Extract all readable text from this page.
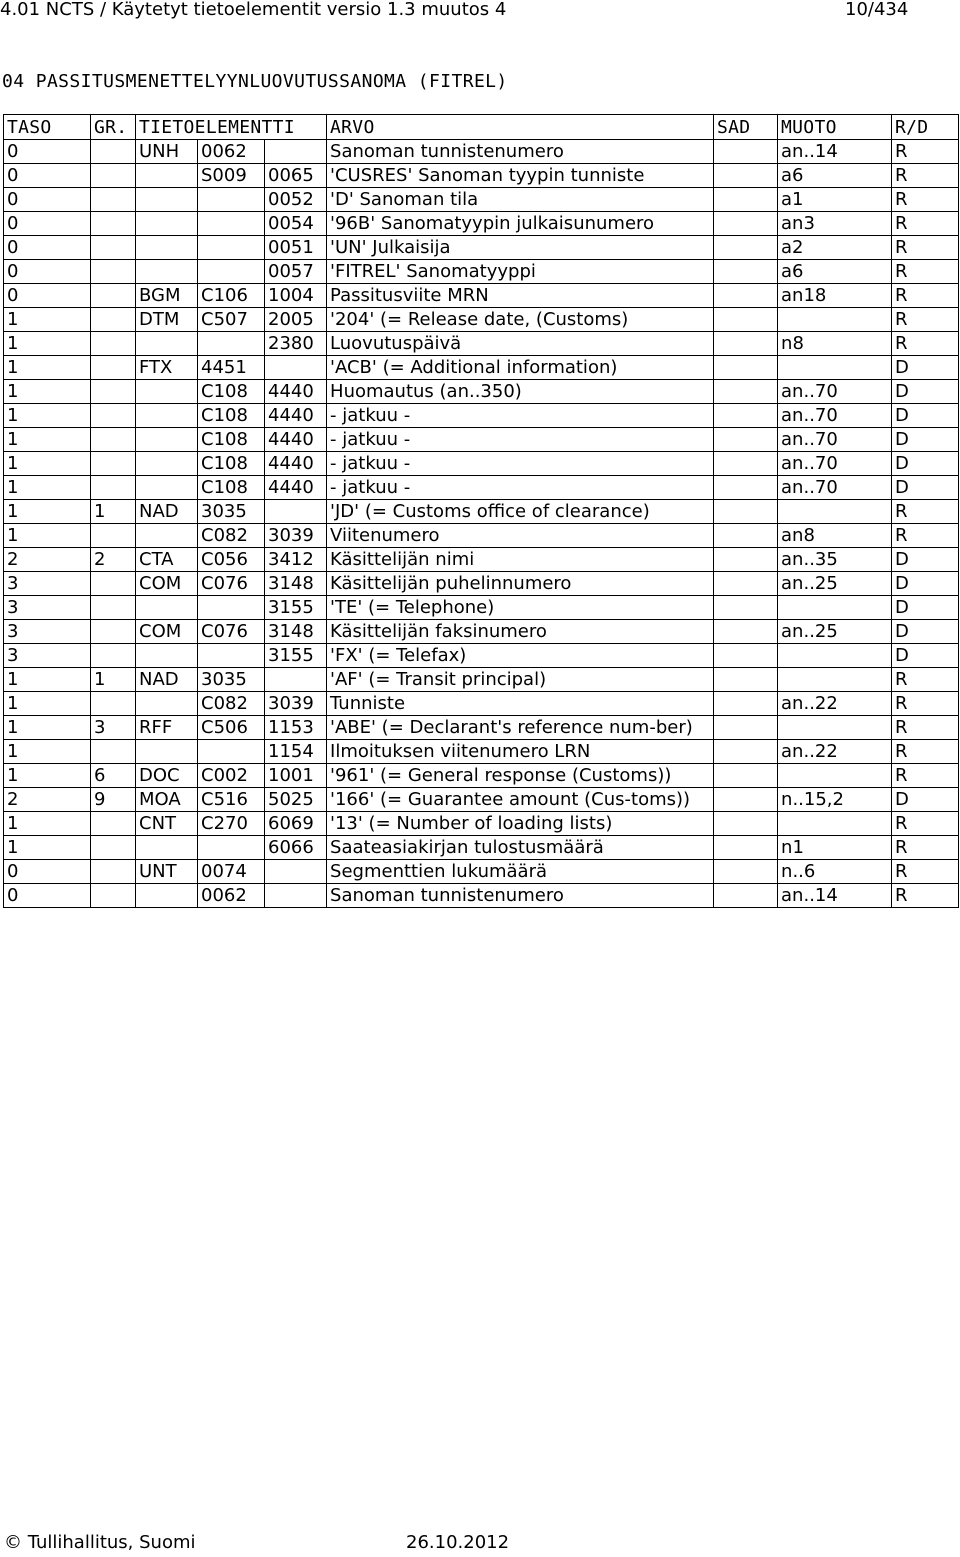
4.01 NCTS / Käytetyt tietoelementit versio 1.3 muutos 4	10/434
04 PASSITUSMENETTELYYNLUOVUTUSSANOMA (FITREL)
TASO	GR.	TIETOELEMENTTI			ARVO	SAD	MUOTO	R/D
0		UNH	0062		Sanoman tunnistenumero		an..14	R
0			S009	0065	'CUSRES' Sanoman tyypin tunniste		a6	R
0				0052	'D' Sanoman tila		a1	R
0				0054	'96B' Sanomatyypin julkaisunumero		an3	R
0				0051	'UN' Julkaisija		a2	R
0				0057	'FITREL' Sanomatyyppi		a6	R
0		BGM	C106	1004	Passitusviite MRN		an18	R
1		DTM	C507	2005	'204' (= Release date, (Customs)			R
1				2380	Luovutuspäivä		n8	R
1		FTX	4451		'ACB' (= Additional information)			D
1			C108	4440	Huomautus (an..350)		an..70	D
1			C108	4440	- jatkuu -		an..70	D
1			C108	4440	- jatkuu -		an..70	D
1			C108	4440	- jatkuu -		an..70	D
1			C108	4440	- jatkuu -		an..70	D
1	1	NAD	3035		'JD' (= Customs office of clearance)			R
1			C082	3039	Viitenumero		an8	R
2	2	CTA	C056	3412	Käsittelijän nimi		an..35	D
3		COM	C076	3148	Käsittelijän puhelinnumero		an..25	D
3				3155	'TE' (= Telephone)			D
3		COM	C076	3148	Käsittelijän faksinumero		an..25	D
3				3155	'FX' (= Telefax)			D
1	1	NAD	3035		'AF' (= Transit principal)			R
1			C082	3039	Tunniste		an..22	R
1	3	RFF	C506	1153	'ABE' (= Declarant's reference num-ber)			R
1				1154	Ilmoituksen viitenumero LRN		an..22	R
1	6	DOC	C002	1001	'961' (= General response (Customs))			R
2	9	MOA	C516	5025	'166' (= Guarantee amount (Cus-toms))		n..15,2	D
1		CNT	C270	6069	'13' (= Number of loading lists)			R
1				6066	Saateasiakirjan tulostusmäärä		n1	R
0		UNT	0074		Segmenttien lukumäärä		n..6	R
0			0062		Sanoman tunnistenumero		an..14	R
© Tullihallitus, Suomi	26.10.2012
